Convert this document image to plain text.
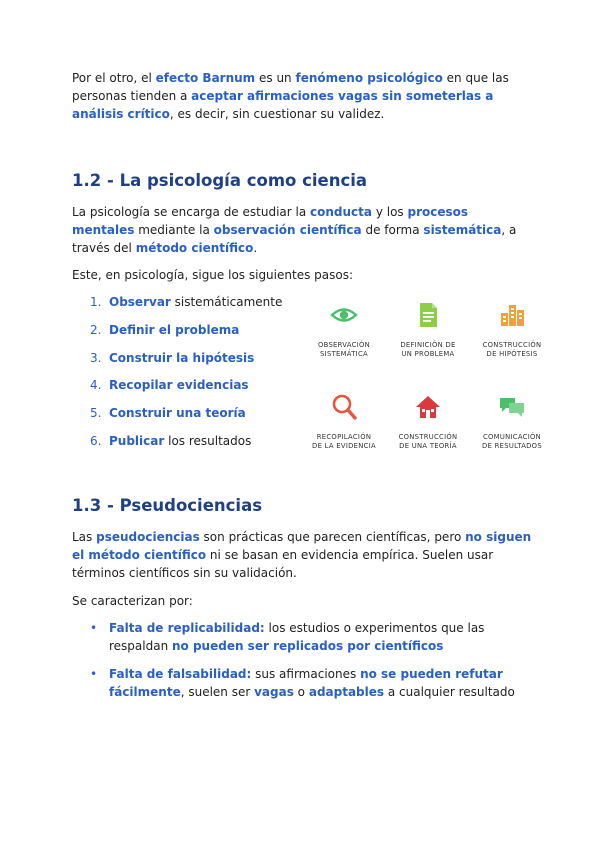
Por el otro, el efecto Barnum es un fenómeno psicológico en que las personas tienden a aceptar afirmaciones vagas sin someterlas a análisis crítico, es decir, sin cuestionar su validez.

1.2 - La psicología como ciencia

La psicología se encarga de estudiar la conducta y los procesos mentales mediante la observación científica de forma sistemática, a través del método científico.

Este, en psicología, sigue los siguientes pasos:

1. Observar sistemáticamente
2. Definir el problema
3. Construir la hipótesis
4. Recopilar evidencias
5. Construir una teoría
6. Publicar los resultados
OBSERVACIÓN
SISTEMÁTICA
DEFINICIÓN DE
UN PROBLEMA
CONSTRUCCIÓN
DE HIPÓTESIS
RECOPILACIÓN
DE LA EVIDENCIA
CONSTRUCCIÓN
DE UNA TEORÍA
COMUNICACIÓN
DE RESULTADOS
1.3 - Pseudociencias

Las pseudociencias son prácticas que parecen científicas, pero no siguen el método científico ni se basan en evidencia empírica. Suelen usar términos científicos sin su validación.

Se caracterizan por:

• Falta de replicabilidad: los estudios o experimentos que las respaldan no pueden ser replicados por científicos
• Falta de falsabilidad: sus afirmaciones no se pueden refutar fácilmente, suelen ser vagas o adaptables a cualquier resultado
